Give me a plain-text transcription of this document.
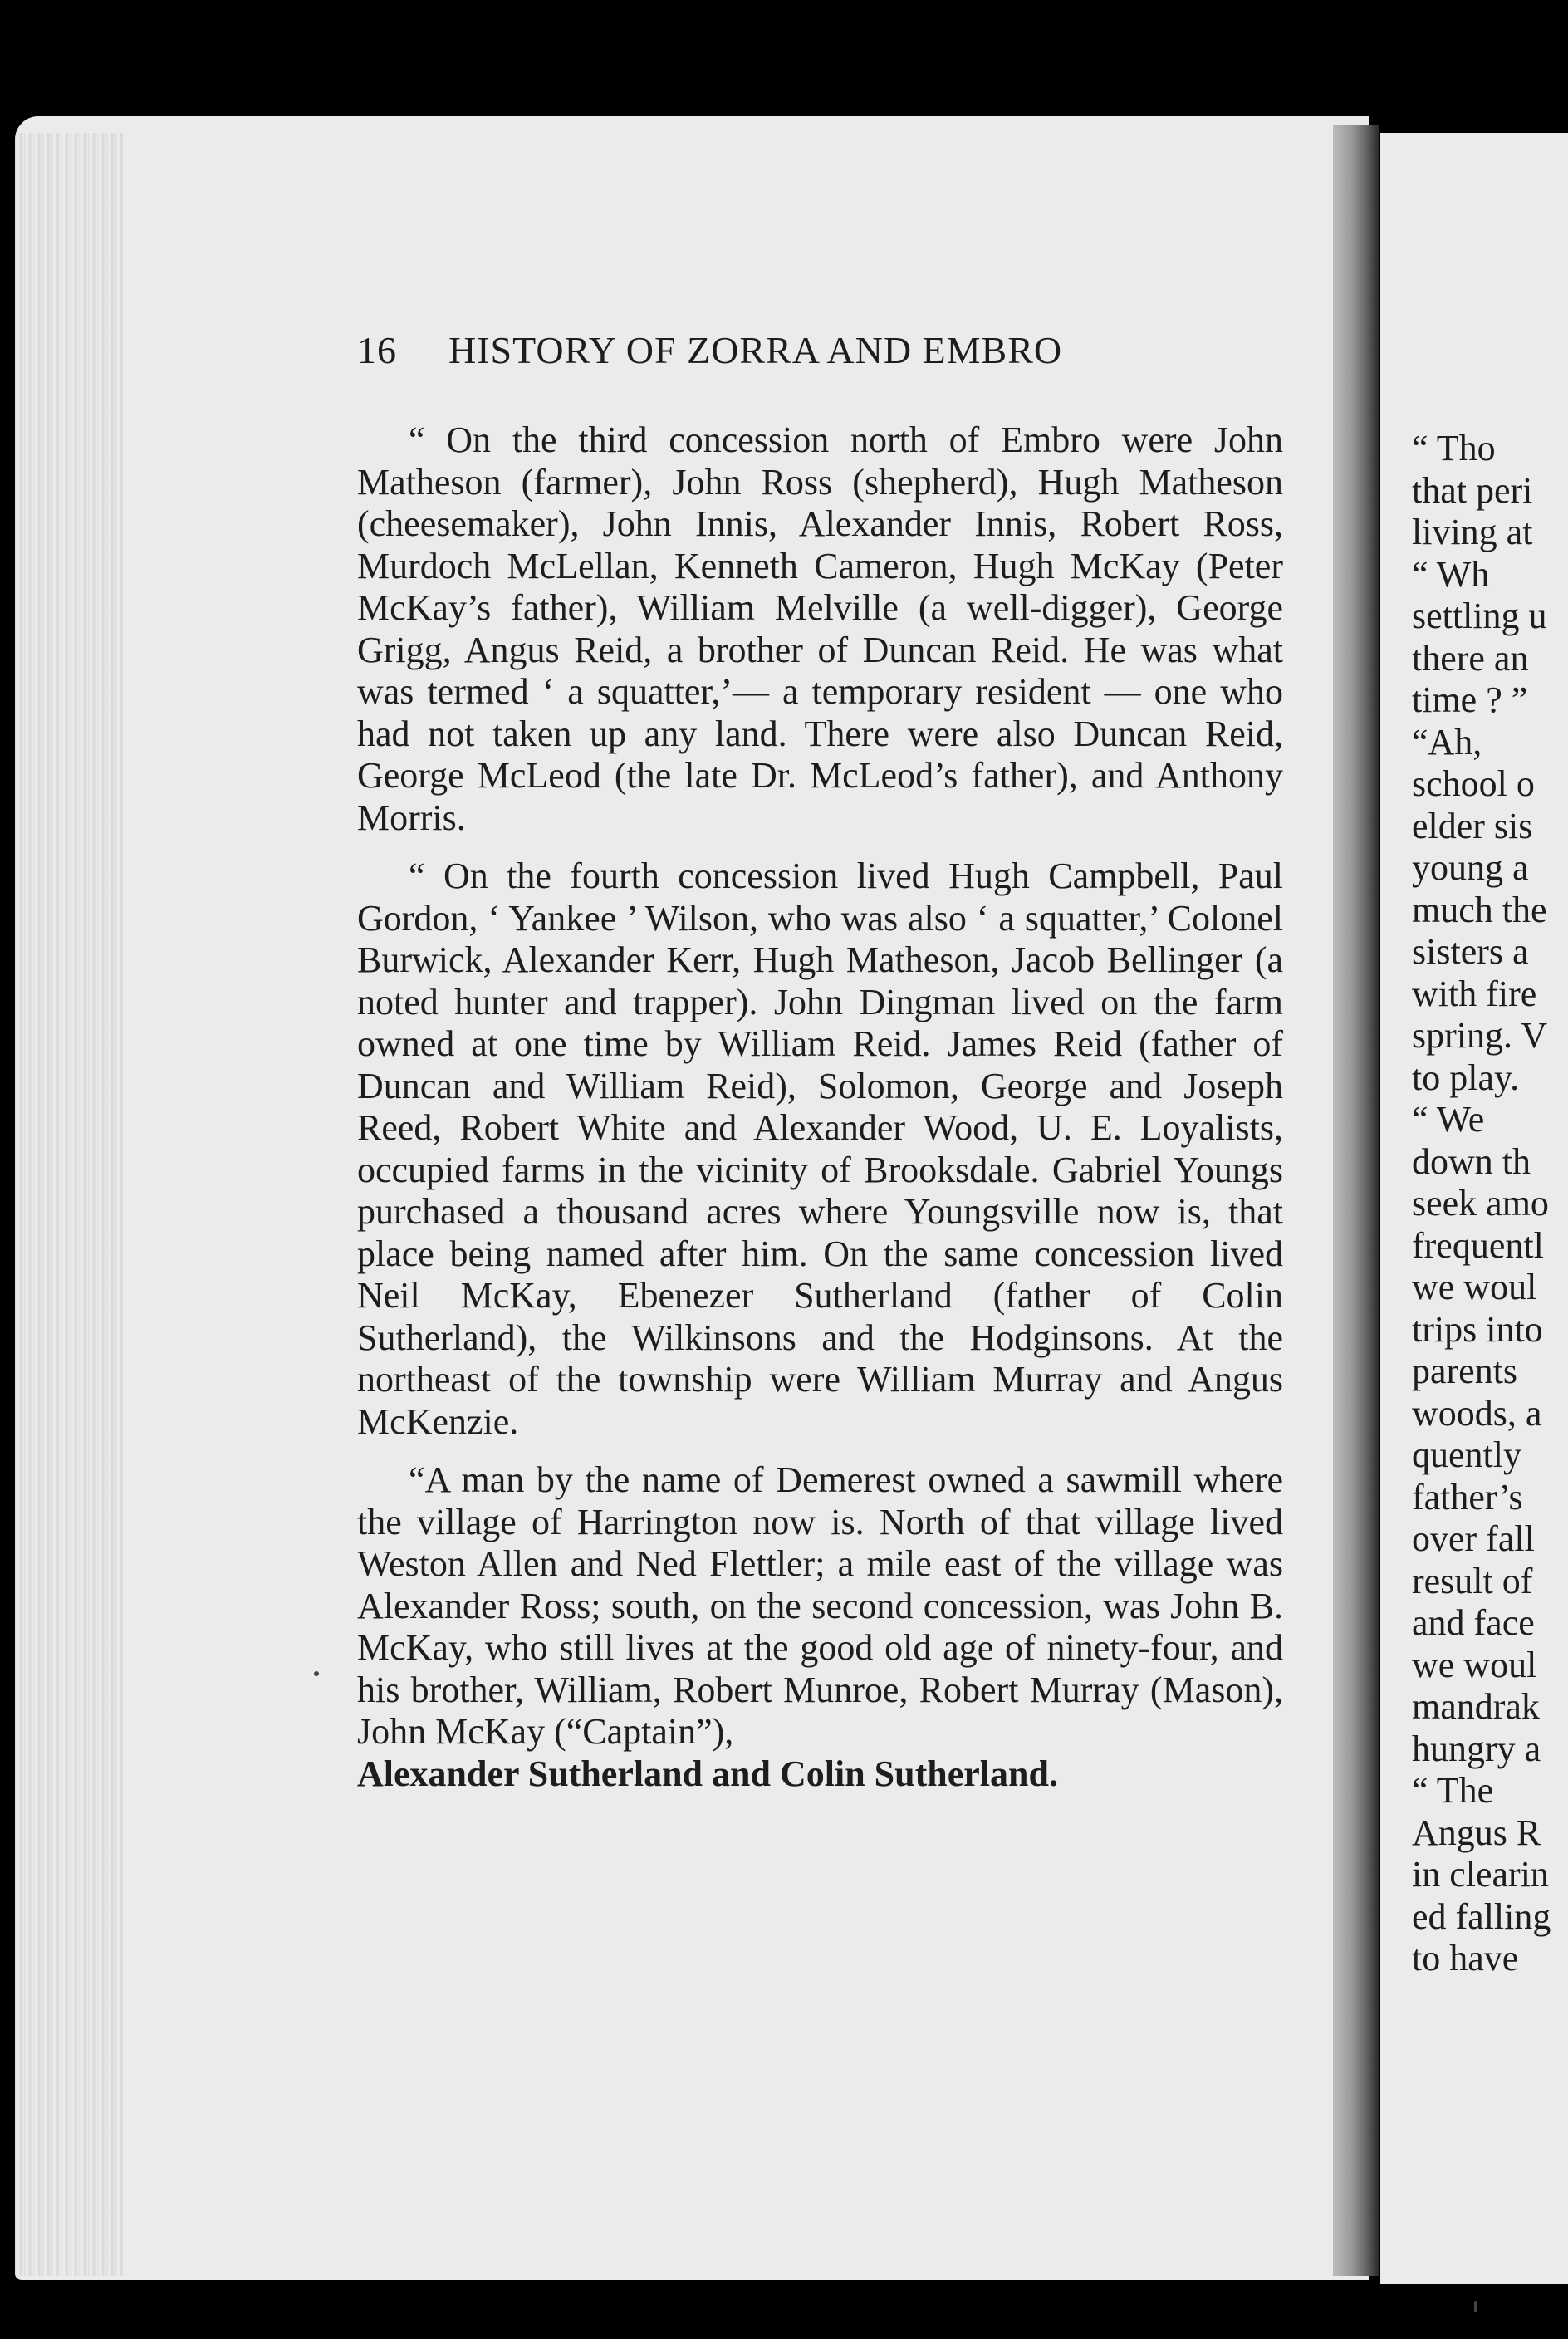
16 HISTORY OF ZORRA AND EMBRO

“ On the third concession north of Embro were John Matheson (farmer), John Ross (shepherd), Hugh Matheson (cheesemaker), John Innis, Alexander Innis, Robert Ross, Murdoch McLellan, Kenneth Cameron, Hugh McKay (Peter McKay’s father), William Melville (a well-digger), George Grigg, Angus Reid, a brother of Duncan Reid. He was what was termed ‘ a squatter,’— a temporary resident — one who had not taken up any land. There were also Duncan Reid, George McLeod (the late Dr. McLeod’s father), and Anthony Morris.

“ On the fourth concession lived Hugh Campbell, Paul Gordon, ‘ Yankee ’ Wilson, who was also ‘ a squatter,’ Colonel Burwick, Alexander Kerr, Hugh Matheson, Jacob Bellinger (a noted hunter and trapper). John Dingman lived on the farm owned at one time by William Reid. James Reid (father of Duncan and William Reid), Solomon, George and Joseph Reed, Robert White and Alexander Wood, U. E. Loyalists, occupied farms in the vicinity of Brooksdale. Gabriel Youngs purchased a thousand acres where Youngsville now is, that place being named after him. On the same concession lived Neil McKay, Ebenezer Sutherland (father of Colin Sutherland), the Wilkinsons and the Hodginsons. At the northeast of the township were William Murray and Angus McKenzie.

“A man by the name of Demerest owned a sawmill where the village of Harrington now is. North of that village lived Weston Allen and Ned Flettler; a mile east of the village was Alexander Ross; south, on the second concession, was John B. McKay, who still lives at the good old age of ninety-four, and his brother, William, Robert Munroe, Robert Murray (Mason), John McKay (“Captain”),

Alexander Sutherland and Colin Sutherland.

“ Tho
that peri
living at
“ Wh
settling u
there an
time ? ”
“Ah,
school o
elder sis
young a
much the
sisters a
with fire
spring. V
to play.
“ We
down th
seek amo
frequentl
we woul
trips into
parents
woods, a
quently
father’s
over fall
result of
and face
we woul
mandrak
hungry a
“ The
Angus R
in clearin
ed falling
to have
